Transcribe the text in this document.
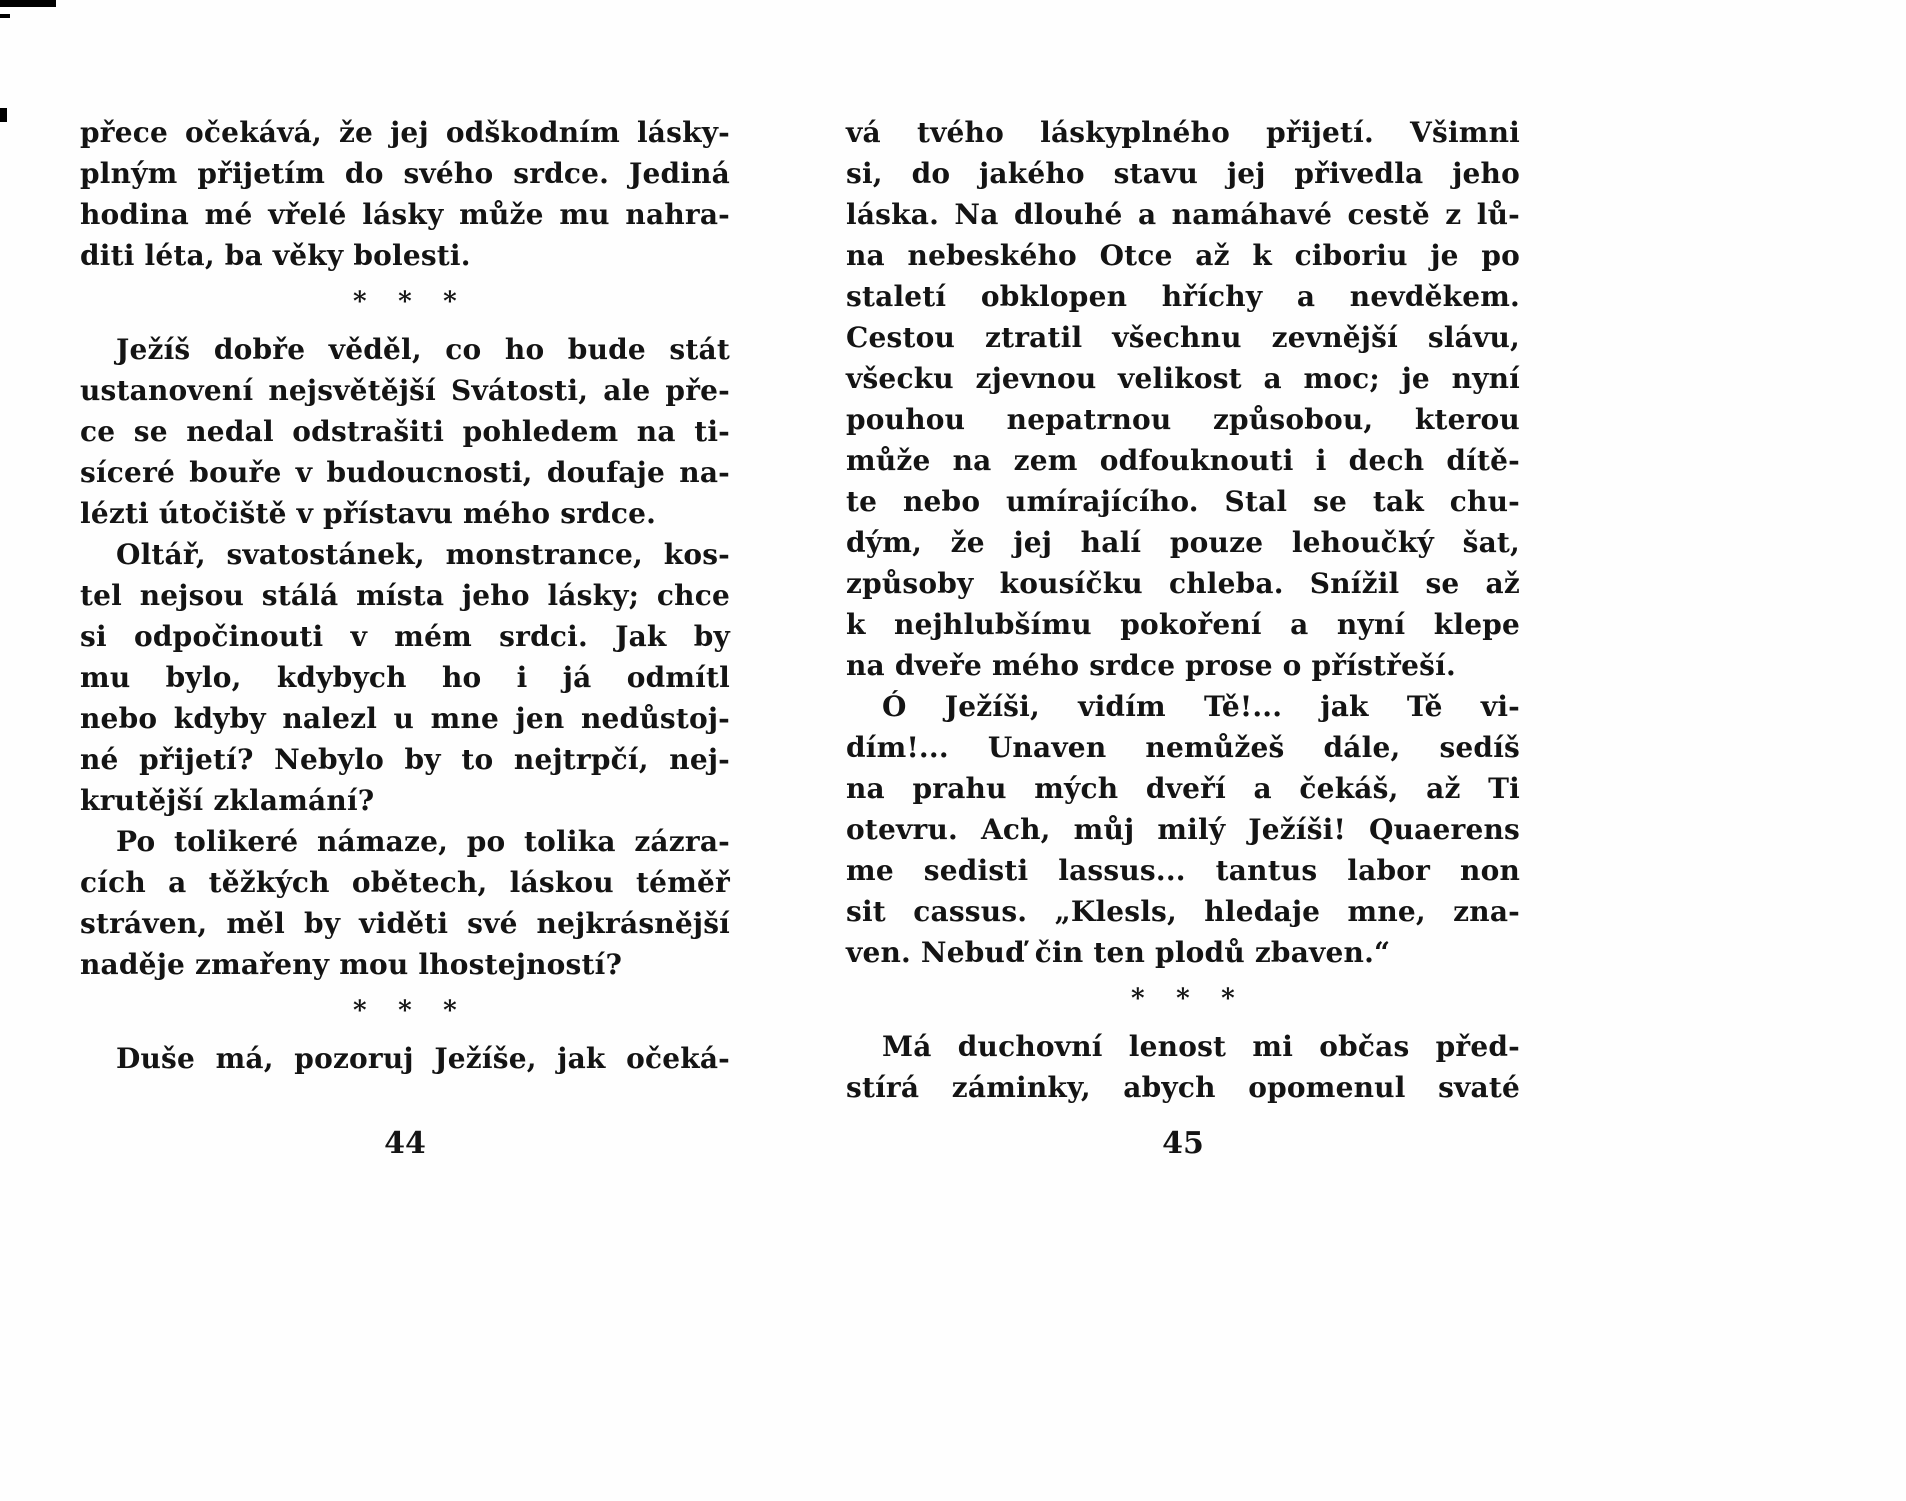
přece očekává, že jej odškodním lásky-
plným přijetím do svého srdce. Jediná
hodina mé vřelé lásky může mu nahra-
diti léta, ba věky bolesti.
* * *
Ježíš dobře věděl, co ho bude stát
ustanovení nejsvětější Svátosti, ale pře-
ce se nedal odstrašiti pohledem na ti-
síceré bouře v budoucnosti, doufaje na-
lézti útočiště v přístavu mého srdce.
Oltář, svatostánek, monstrance, kos-
tel nejsou stálá místa jeho lásky; chce
si odpočinouti v mém srdci. Jak by
mu bylo, kdybych ho i já odmítl
nebo kdyby nalezl u mne jen nedůstoj-
né přijetí? Nebylo by to nejtrpčí, nej-
krutější zklamání?
Po tolikeré námaze, po tolika zázra-
cích a těžkých obětech, láskou téměř
stráven, měl by viděti své nejkrásnější
naděje zmařeny mou lhostejností?
* * *
Duše má, pozoruj Ježíše, jak očeká-
vá tvého láskyplného přijetí. Všimni
si, do jakého stavu jej přivedla jeho
láska. Na dlouhé a namáhavé cestě z lů-
na nebeského Otce až k ciboriu je po
staletí obklopen hříchy a nevděkem.
Cestou ztratil všechnu zevnější slávu,
všecku zjevnou velikost a moc; je nyní
pouhou nepatrnou způsobou, kterou
může na zem odfouknouti i dech dítě-
te nebo umírajícího. Stal se tak chu-
dým, že jej halí pouze lehoučký šat,
způsoby kousíčku chleba. Snížil se až
k nejhlubšímu pokoření a nyní klepe
na dveře mého srdce prose o přístřeší.
Ó Ježíši, vidím Tě!... jak Tě vi-
dím!... Unaven nemůžeš dále, sedíš
na prahu mých dveří a čekáš, až Ti
otevru. Ach, můj milý Ježíši! Quaerens
me sedisti lassus... tantus labor non
sit cassus. „Klesls, hledaje mne, zna-
ven. Nebuď čin ten plodů zbaven.“
* * *
Má duchovní lenost mi občas před-
stírá záminky, abych opomenul svaté
44	45
